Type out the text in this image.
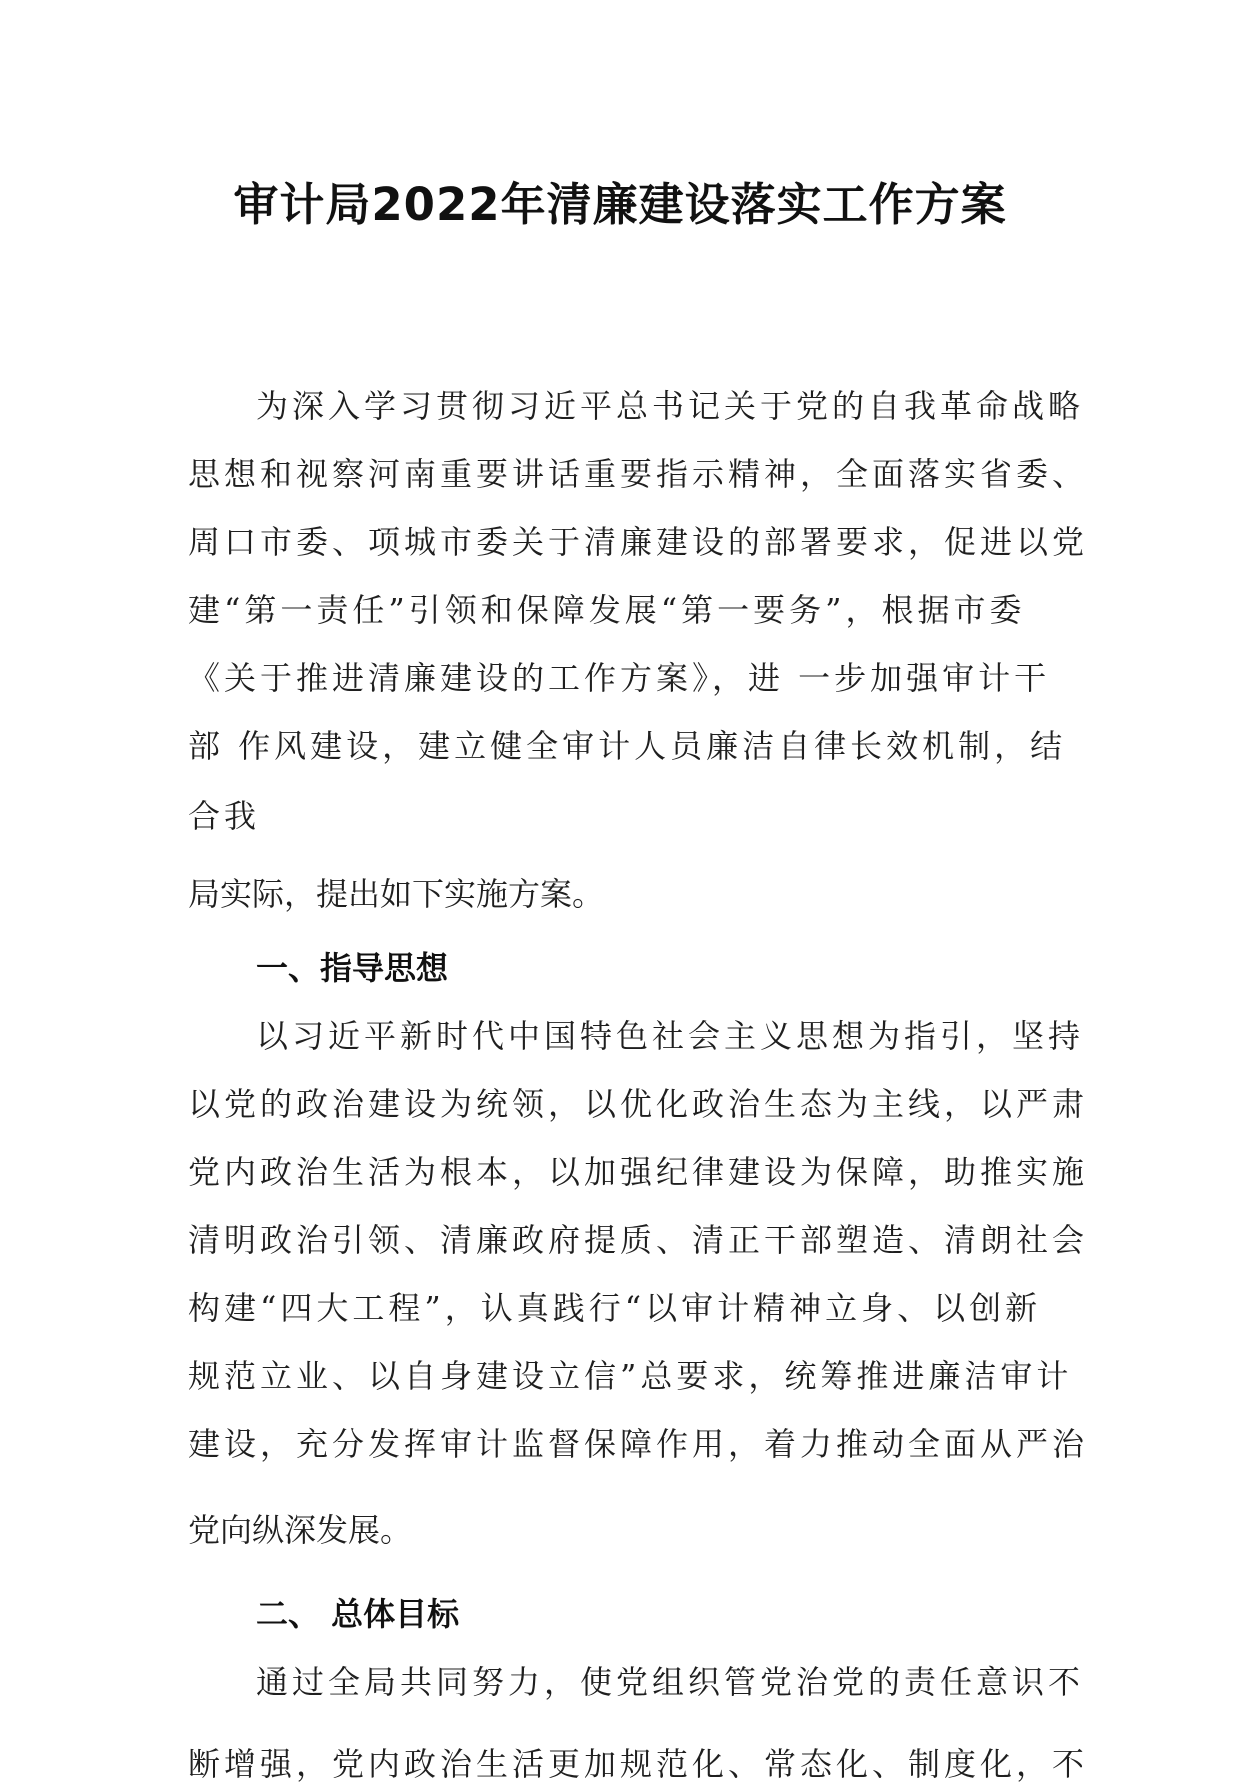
审计局2022年清廉建设落实工作方案
为深入学习贯彻习近平总书记关于党的自我革命战略
思想和视察河南重要讲话重要指示精神，全面落实省委、
周口市委、项城市委关于清廉建设的部署要求，促进以党
建“第一责任”引领和保障发展“第一要务”，根据市委
《关于推进清廉建设的工作方案》，进 一步加强审计干
部 作风建设，建立健全审计人员廉洁自律长效机制，结
合我
局实际，提出如下实施方案。
一、指导思想
以习近平新时代中国特色社会主义思想为指引，坚持
以党的政治建设为统领，以优化政治生态为主线，以严肃
党内政治生活为根本，以加强纪律建设为保障，助推实施
清明政治引领、清廉政府提质、清正干部塑造、清朗社会
构建“四大工程”，认真践行“以审计精神立身、以创新
规范立业、以自身建设立信”总要求，统筹推进廉洁审计
建设，充分发挥审计监督保障作用，着力推动全面从严治
党向纵深发展。
二、 总体目标
通过全局共同努力，使党组织管党治党的责任意识不
断增强，党内政治生活更加规范化、常态化、制度化，不
